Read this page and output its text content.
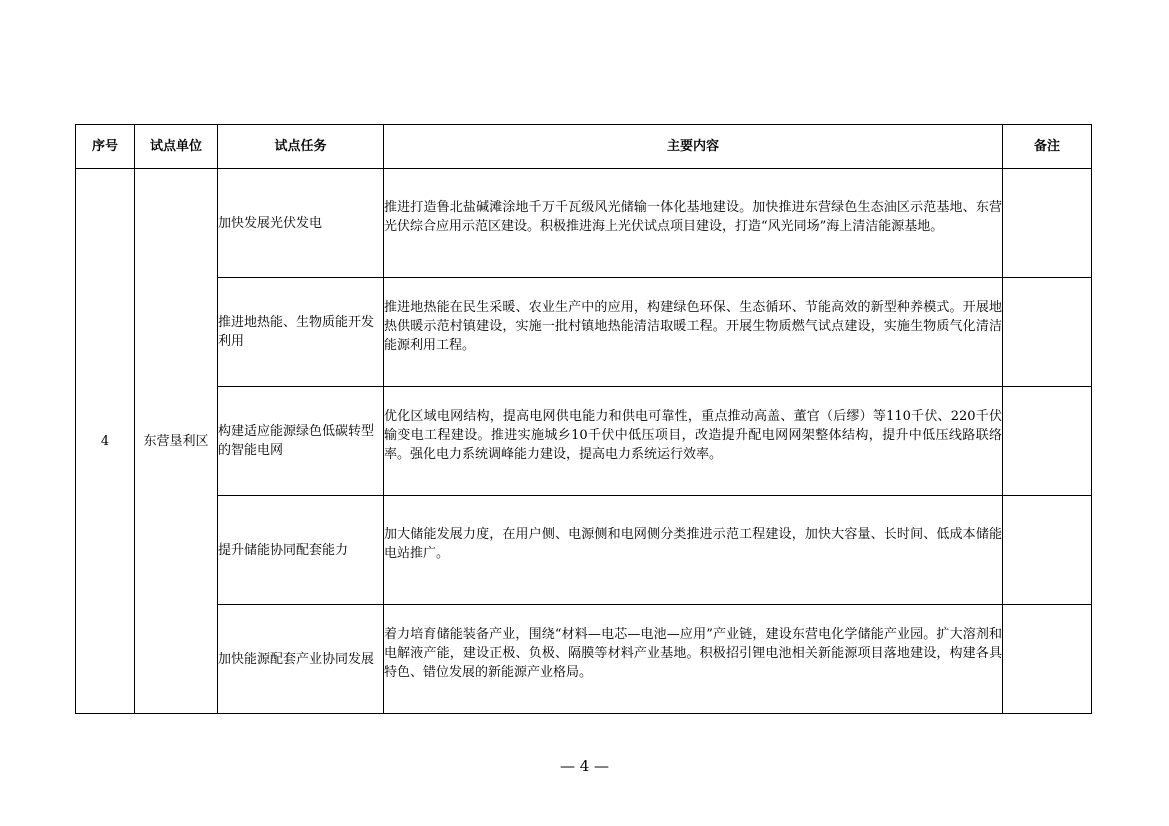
序号	试点单位	试点任务	主要内容	备注
4	东营垦利区	加快发展光伏发电	推进打造鲁北盐碱滩涂地千万千瓦级风光储输一体化基地建设。加快推进东营绿色生态油区示范基地、东营光伏综合应用示范区建设。积极推进海上光伏试点项目建设，打造“风光同场”海上清洁能源基地。	

		推进地热能、生物质能开发利用	推进地热能在民生采暖、农业生产中的应用，构建绿色环保、生态循环、节能高效的新型种养模式。开展地热供暖示范村镇建设，实施一批村镇地热能清洁取暖工程。开展生物质燃气试点建设，实施生物质气化清洁能源利用工程。	

		构建适应能源绿色低碳转型的智能电网	优化区域电网结构，提高电网供电能力和供电可靠性，重点推动高盖、董官（后缪）等110千伏、220千伏输变电工程建设。推进实施城乡10千伏中低压项目，改造提升配电网网架整体结构，提升中低压线路联络率。强化电力系统调峰能力建设，提高电力系统运行效率。	

		提升储能协同配套能力	加大储能发展力度，在用户侧、电源侧和电网侧分类推进示范工程建设，加快大容量、长时间、低成本储能电站推广。	

		加快能源配套产业协同发展	着力培育储能装备产业，围绕“材料—电芯—电池—应用”产业链，建设东营电化学储能产业园。扩大溶剂和电解液产能，建设正极、负极、隔膜等材料产业基地。积极招引锂电池相关新能源项目落地建设，构建各具特色、错位发展的新能源产业格局。	

— 4 —
